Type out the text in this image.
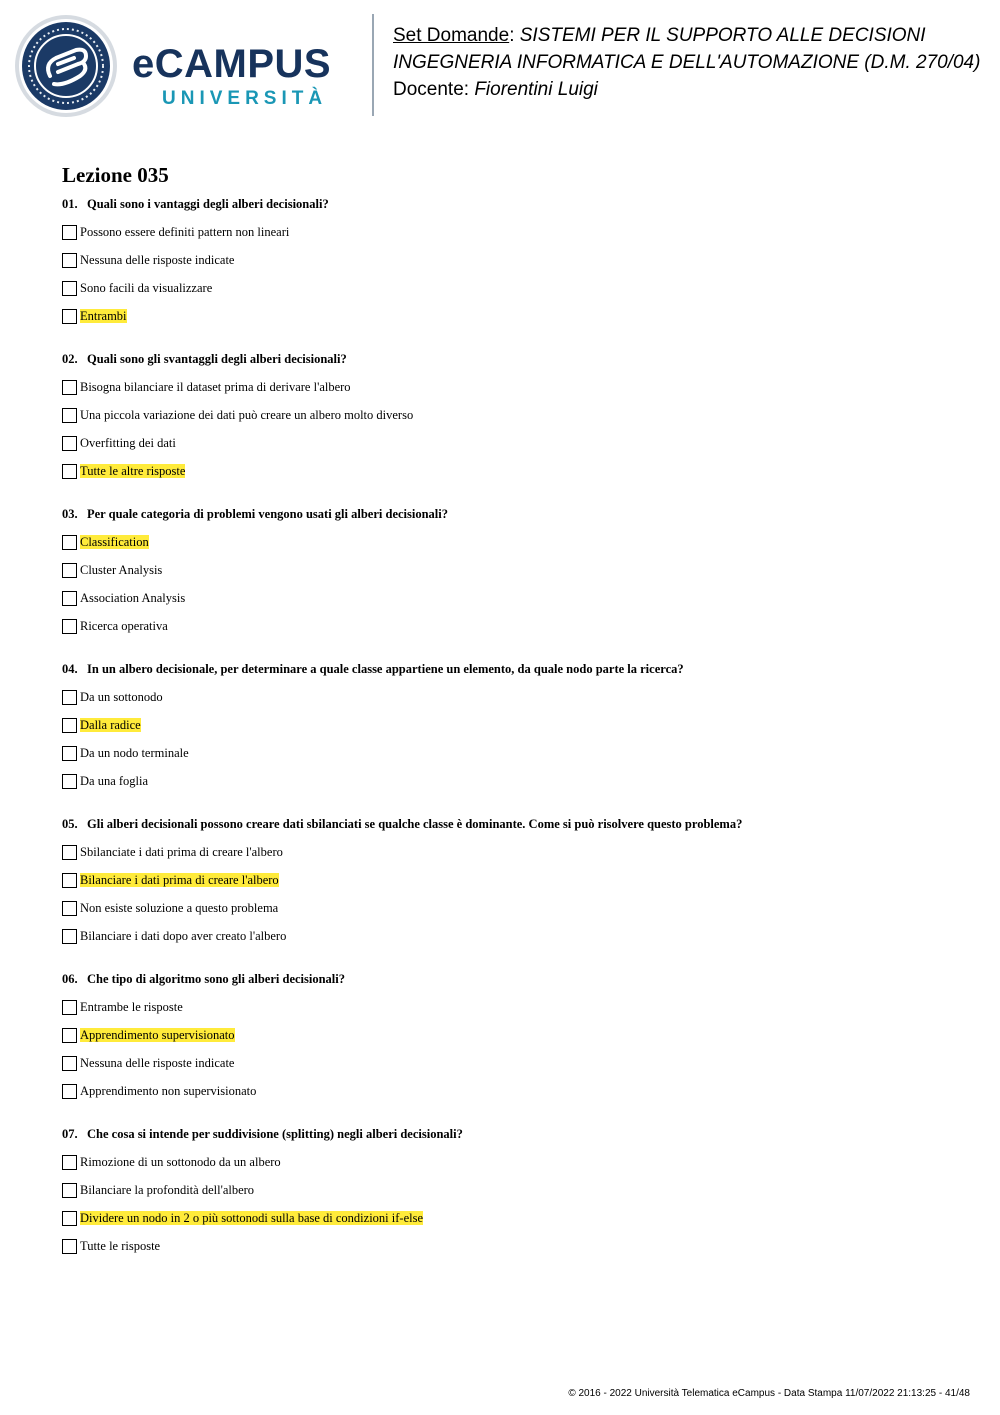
eCAMPUS
UNIVERSITÀ
Set Domande: SISTEMI PER IL SUPPORTO ALLE DECISIONI
INGEGNERIA INFORMATICA E DELL'AUTOMAZIONE (D.M. 270/04)
Docente: Fiorentini Luigi
Lezione 035
01. Quali sono i vantaggi degli alberi decisionali?
Possono essere definiti pattern non lineari
Nessuna delle risposte indicate
Sono facili da visualizzare
Entrambi
02. Quali sono gli svantaggli degli alberi decisionali?
Bisogna bilanciare il dataset prima di derivare l'albero
Una piccola variazione dei dati può creare un albero molto diverso
Overfitting dei dati
Tutte le altre risposte
03. Per quale categoria di problemi vengono usati gli alberi decisionali?
Classification
Cluster Analysis
Association Analysis
Ricerca operativa
04. In un albero decisionale, per determinare a quale classe appartiene un elemento, da quale nodo parte la ricerca?
Da un sottonodo
Dalla radice
Da un nodo terminale
Da una foglia
05. Gli alberi decisionali possono creare dati sbilanciati se qualche classe è dominante. Come si può risolvere questo problema?
Sbilanciate i dati prima di creare l'albero
Bilanciare i dati prima di creare l'albero
Non esiste soluzione a questo problema
Bilanciare i dati dopo aver creato l'albero
06. Che tipo di algoritmo sono gli alberi decisionali?
Entrambe le risposte
Apprendimento supervisionato
Nessuna delle risposte indicate
Apprendimento non supervisionato
07. Che cosa si intende per suddivisione (splitting) negli alberi decisionali?
Rimozione di un sottonodo da un albero
Bilanciare la profondità dell'albero
Dividere un nodo in 2 o più sottonodi sulla base di condizioni if-else
Tutte le risposte
© 2016 - 2022 Università Telematica eCampus - Data Stampa 11/07/2022 21:13:25 - 41/48
